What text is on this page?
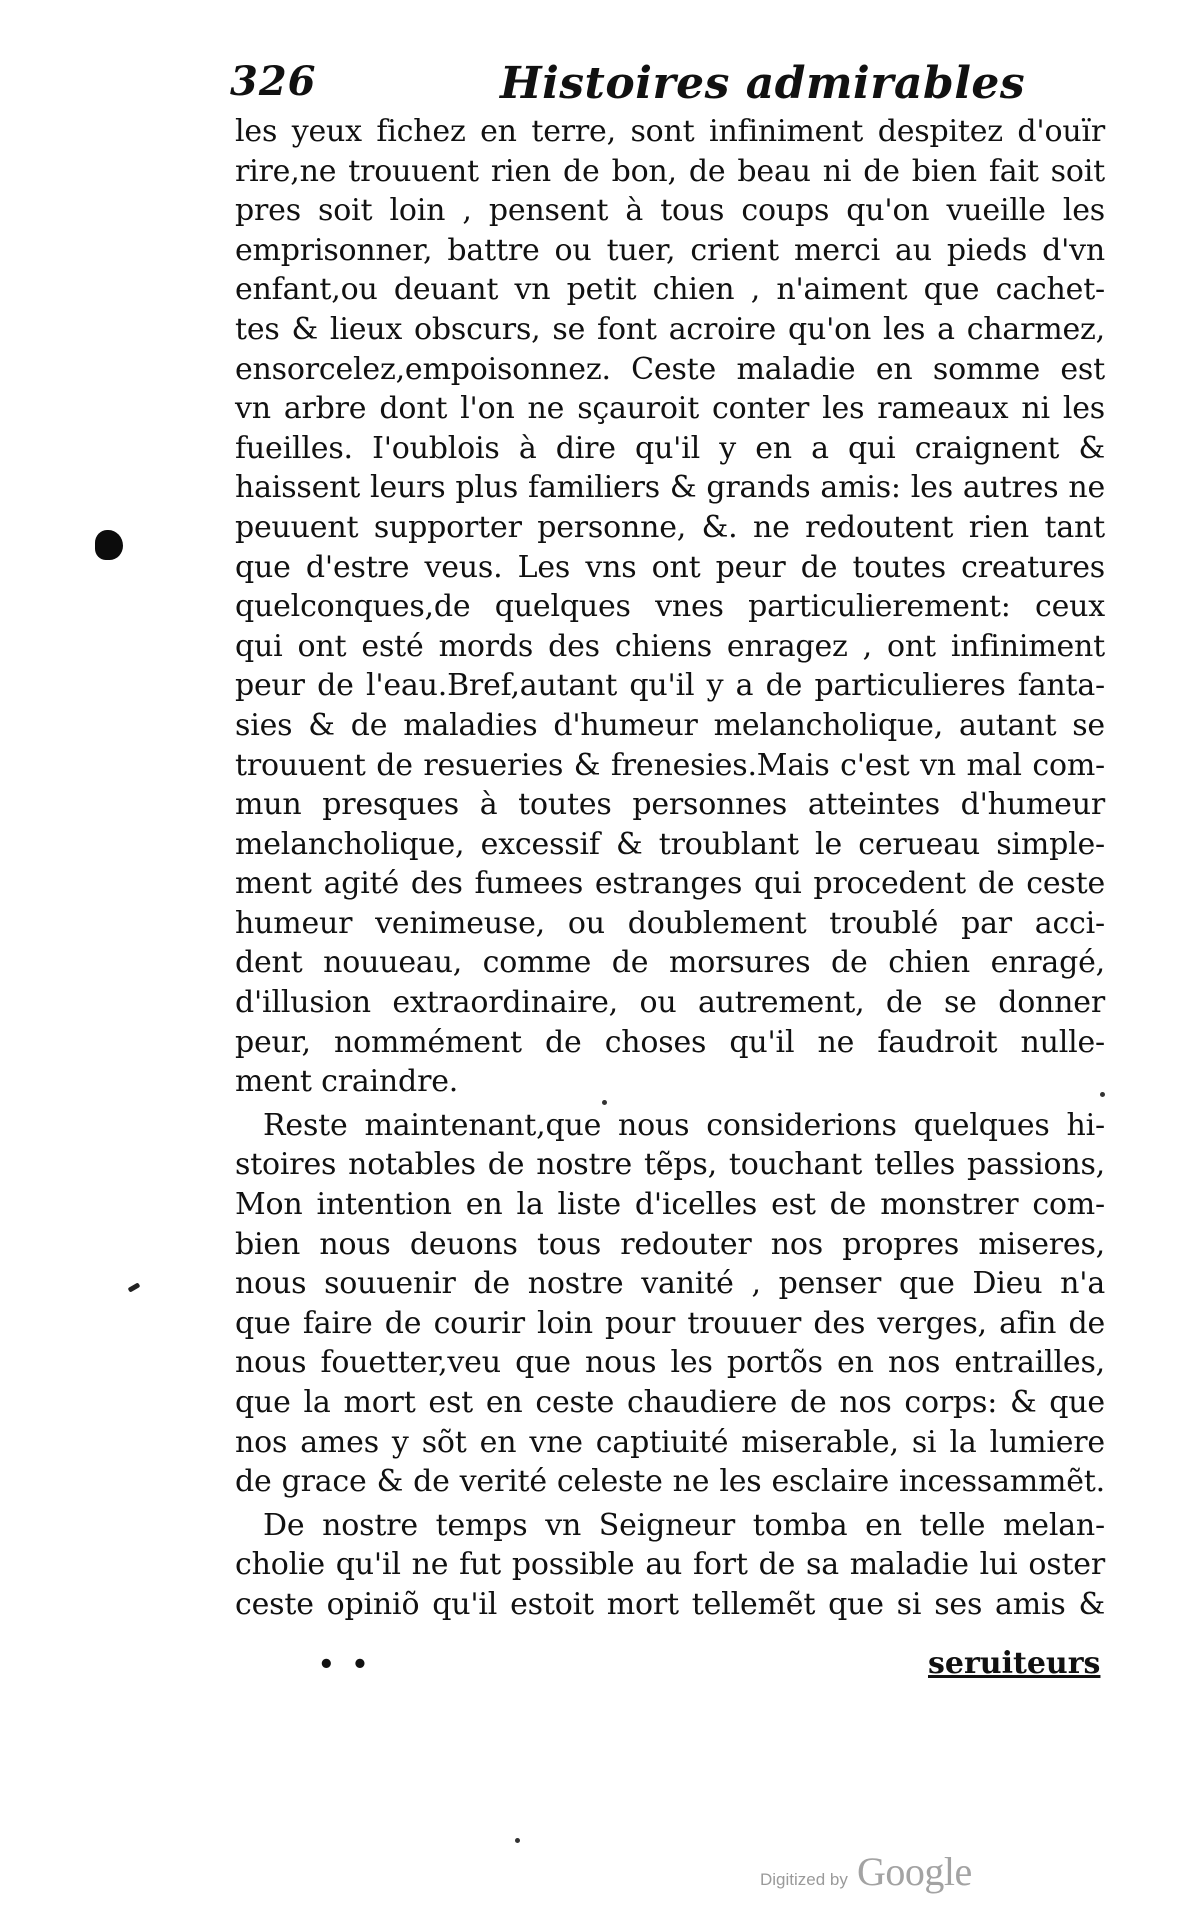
326	Histoires admirables
les yeux fichez en terre, sont infiniment despitez d'ouïr
rire,ne trouuent rien de bon, de beau ni de bien fait soit
pres soit loin , pensent à tous coups qu'on vueille les
emprisonner, battre ou tuer, crient merci au pieds d'vn
enfant,ou deuant vn petit chien , n'aiment que cachet-
tes & lieux obscurs, se font acroire qu'on les a charmez,
ensorcelez,empoisonnez. Ceste maladie en somme est
vn arbre dont l'on ne sçauroit conter les rameaux ni les
fueilles. I'oublois à dire qu'il y en a qui craignent &
haissent leurs plus familiers & grands amis: les autres ne
peuuent supporter personne, &. ne redoutent rien tant
que d'estre veus. Les vns ont peur de toutes creatures
quelconques,de quelques vnes particulierement: ceux
qui ont esté mords des chiens enragez , ont infiniment
peur de l'eau.Bref,autant qu'il y a de particulieres fanta-
sies & de maladies d'humeur melancholique, autant se
trouuent de resueries & frenesies.Mais c'est vn mal com-
mun presques à toutes personnes atteintes d'humeur
melancholique, excessif & troublant le cerueau simple-
ment agité des fumees estranges qui procedent de ceste
humeur venimeuse, ou doublement troublé par acci-
dent nouueau, comme de morsures de chien enragé,
d'illusion extraordinaire, ou autrement, de se donner
peur, nommément de choses qu'il ne faudroit nulle-
ment craindre.
Reste maintenant,que nous considerions quelques hi-
stoires notables de nostre tẽps, touchant telles passions,
Mon intention en la liste d'icelles est de monstrer com-
bien nous deuons tous redouter nos propres miseres,
nous souuenir de nostre vanité , penser que Dieu n'a
que faire de courir loin pour trouuer des verges, afin de
nous fouetter,veu que nous les portõs en nos entrailles,
que la mort est en ceste chaudiere de nos corps: & que
nos ames y sõt en vne captiuité miserable, si la lumiere
de grace & de verité celeste ne les esclaire incessammẽt.
De nostre temps vn Seigneur tomba en telle melan-
cholie qu'il ne fut possible au fort de sa maladie lui oster
ceste opiniõ qu'il estoit mort tellemẽt que si ses amis &
seruiteurs
• •
Digitized by Google
